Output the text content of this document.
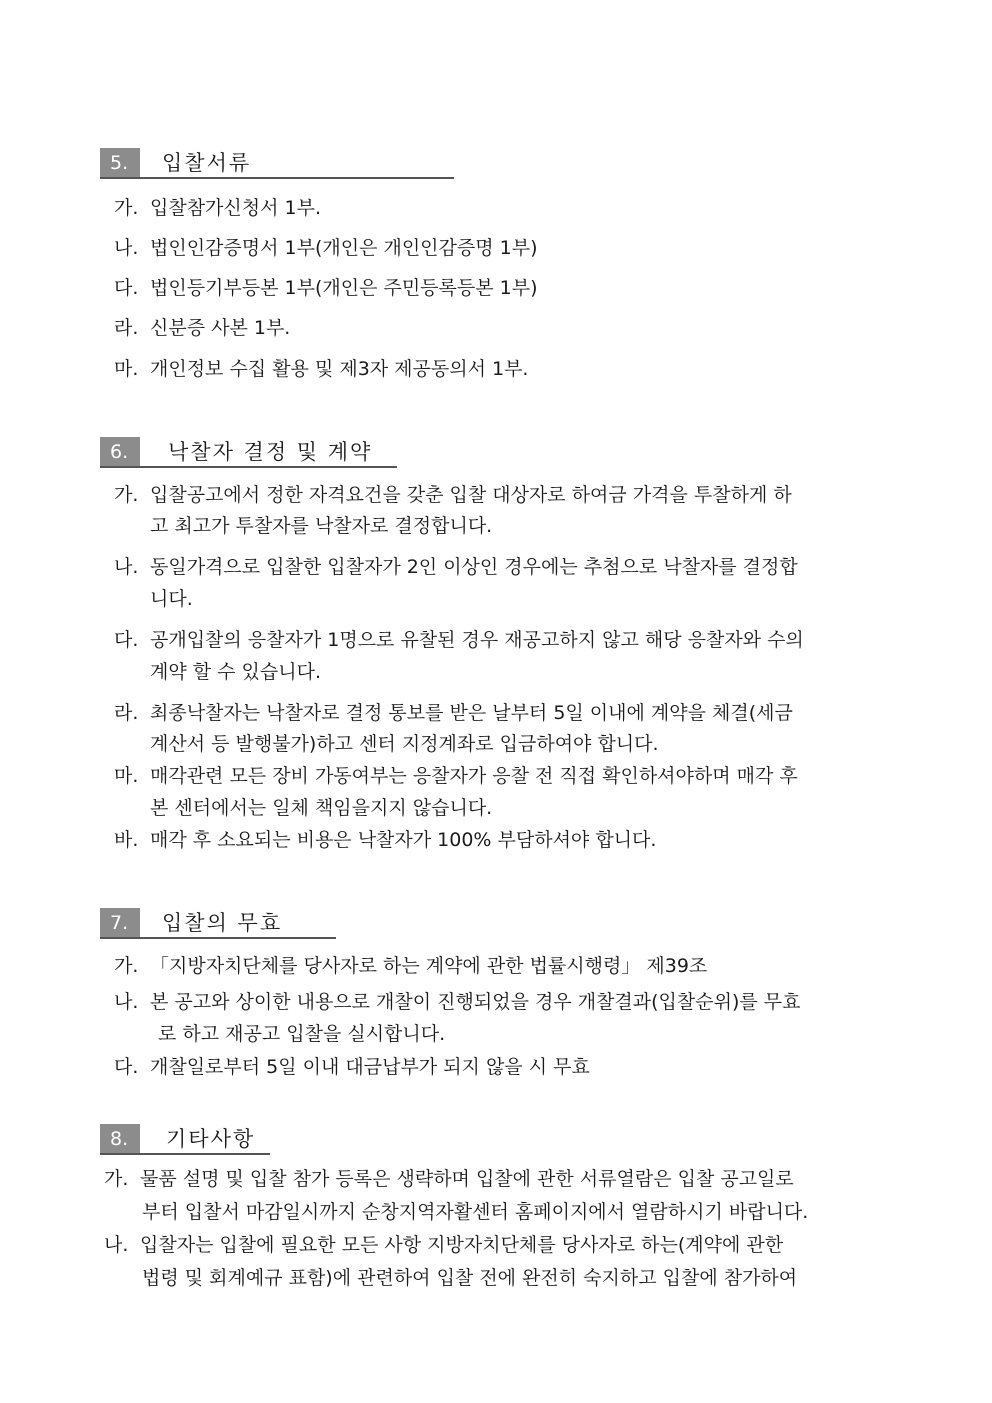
5.	입찰서류
가. 입찰참가신청서 1부.
나. 법인인감증명서 1부(개인은 개인인감증명 1부)
다. 법인등기부등본 1부(개인은 주민등록등본 1부)
라. 신분증 사본 1부.
마. 개인정보 수집 활용 및 제3자 제공동의서 1부.
6.	낙찰자 결정 및 계약
가. 입찰공고에서 정한 자격요건을 갖춘 입찰 대상자로 하여금 가격을 투찰하게 하
고 최고가 투찰자를 낙찰자로 결정합니다.
나. 동일가격으로 입찰한 입찰자가 2인 이상인 경우에는 추첨으로 낙찰자를 결정합
니다.
다. 공개입찰의 응찰자가 1명으로 유찰된 경우 재공고하지 않고 해당 응찰자와 수의
계약 할 수 있습니다.
라. 최종낙찰자는 낙찰자로 결정 통보를 받은 날부터 5일 이내에 계약을 체결(세금
계산서 등 발행불가)하고 센터 지정계좌로 입금하여야 합니다.
마. 매각관련 모든 장비 가동여부는 응찰자가 응찰 전 직접 확인하셔야하며 매각 후
본 센터에서는 일체 책임을지지 않습니다.
바. 매각 후 소요되는 비용은 낙찰자가 100% 부담하셔야 합니다.
7.	입찰의 무효
가. 「지방자치단체를 당사자로 하는 계약에 관한 법률시행령」 제39조
나. 본 공고와 상이한 내용으로 개찰이 진행되었을 경우 개찰결과(입찰순위)를 무효
로 하고 재공고 입찰을 실시합니다.
다. 개찰일로부터 5일 이내 대금납부가 되지 않을 시 무효
8.	기타사항
가. 물품 설명 및 입찰 참가 등록은 생략하며 입찰에 관한 서류열람은 입찰 공고일로
부터 입찰서 마감일시까지 순창지역자활센터 홈페이지에서 열람하시기 바랍니다.
나. 입찰자는 입찰에 필요한 모든 사항 지방자치단체를 당사자로 하는(계약에 관한
법령 및 회계예규 표함)에 관련하여 입찰 전에 완전히 숙지하고 입찰에 참가하여
